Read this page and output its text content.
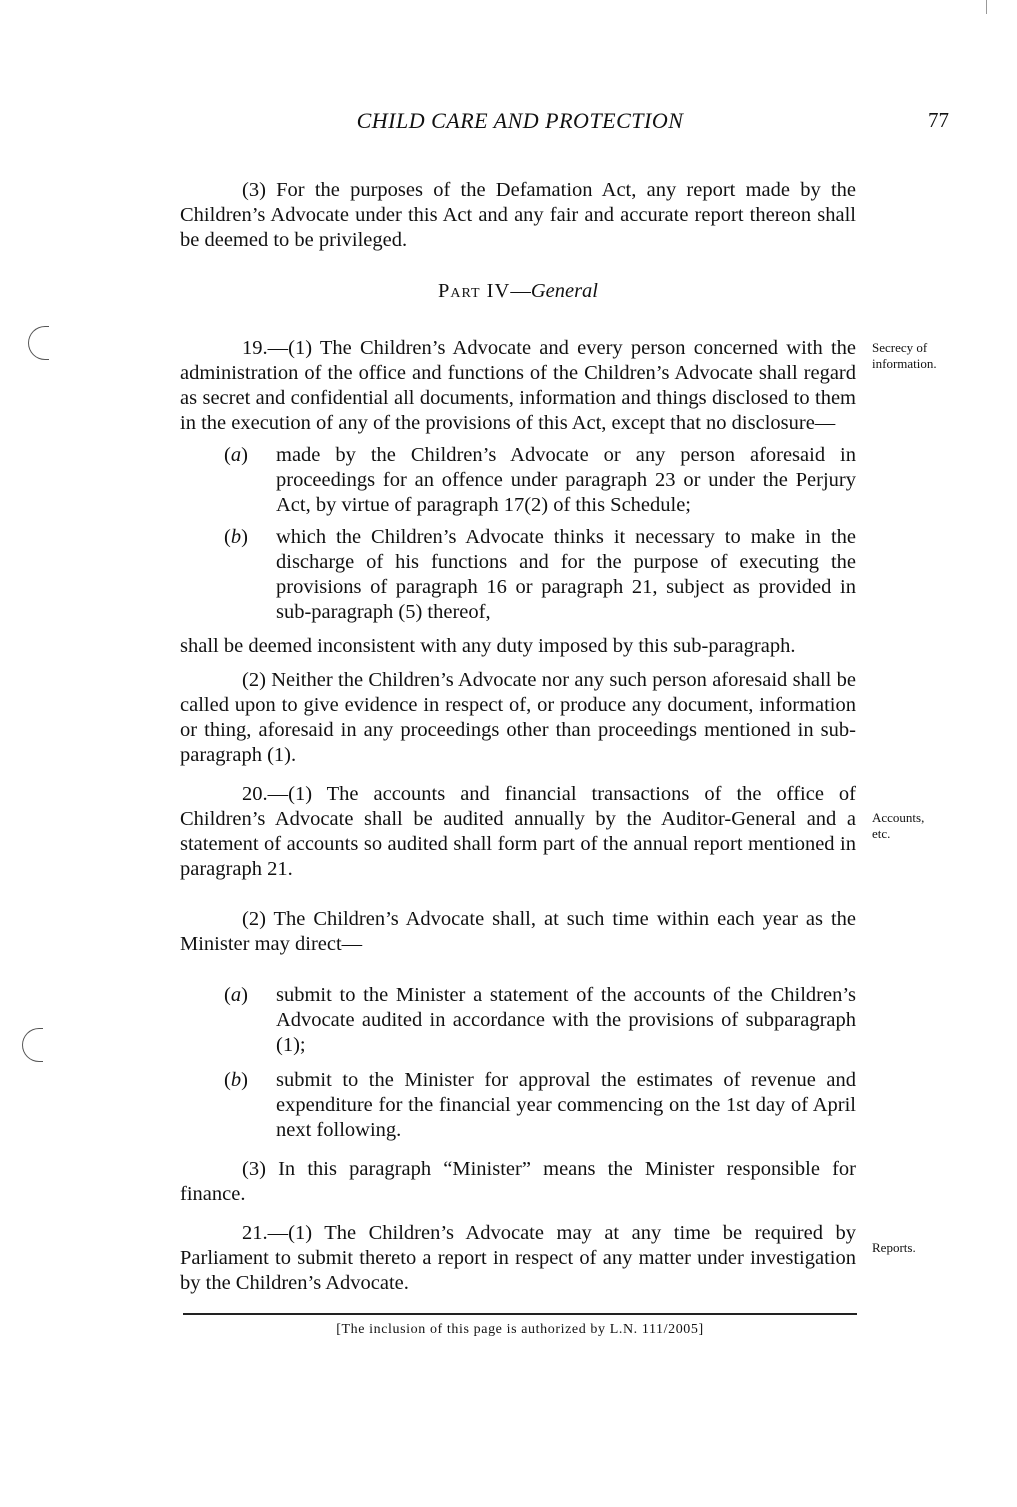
CHILD CARE AND PROTECTION	77

(3) For the purposes of the Defamation Act, any report made by the Children’s Advocate under this Act and any fair and accurate report thereon shall be deemed to be privileged.

Part IV—General

19.—(1) The Children’s Advocate and every person concerned with the administration of the office and functions of the Children’s Advocate shall regard as secret and confidential all documents, information and things disclosed to them in the execution of any of the provisions of this Act, except that no disclosure—

(a)	made by the Children’s Advocate or any person aforesaid in proceedings for an offence under paragraph 23 or under the Perjury Act, by virtue of paragraph 17(2) of this Schedule;
(b)	which the Children’s Advocate thinks it necessary to make in the discharge of his functions and for the purpose of executing the provisions of paragraph 16 or paragraph 21, subject as provided in sub-paragraph (5) thereof,

shall be deemed inconsistent with any duty imposed by this sub-paragraph.

(2) Neither the Children’s Advocate nor any such person aforesaid shall be called upon to give evidence in respect of, or produce any document, information or thing, aforesaid in any proceedings other than proceedings mentioned in sub-paragraph (1).

20.—(1) The accounts and financial transactions of the office of Children’s Advocate shall be audited annually by the Auditor-General and a statement of accounts so audited shall form part of the annual report mentioned in paragraph 21.

(2) The Children’s Advocate shall, at such time within each year as the Minister may direct—

(a)	submit to the Minister a statement of the accounts of the Children’s Advocate audited in accordance with the provisions of subparagraph (1);
(b)	submit to the Minister for approval the estimates of revenue and expenditure for the financial year commencing on the 1st day of April next following.

(3) In this paragraph “Minister” means the Minister responsible for finance.

21.—(1) The Children’s Advocate may at any time be required by Parliament to submit thereto a report in respect of any matter under investigation by the Children’s Advocate.

Secrecy of information.
Accounts, etc.
Reports.
[The inclusion of this page is authorized by L.N. 111/2005]
